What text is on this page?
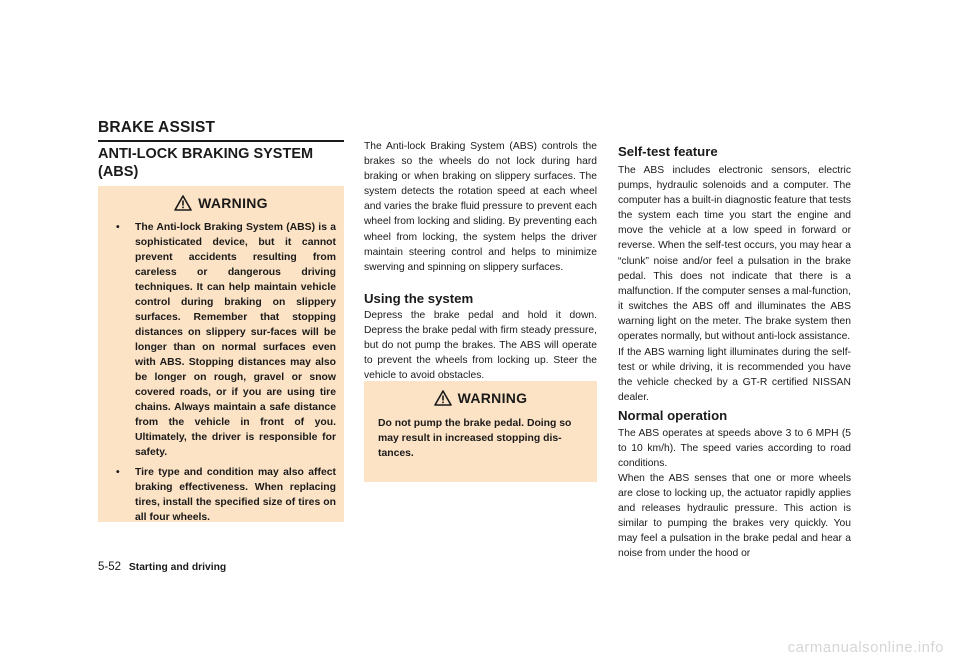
BRAKE ASSIST
ANTI-LOCK BRAKING SYSTEM (ABS)
WARNING
• The Anti-lock Braking System (ABS) is a sophisticated device, but it cannot prevent accidents resulting from careless or dangerous driving techniques. It can help maintain vehicle control during braking on slippery surfaces. Remember that stopping distances on slippery sur-faces will be longer than on normal surfaces even with ABS. Stopping distances may also be longer on rough, gravel or snow covered roads, or if you are using tire chains. Always maintain a safe distance from the vehicle in front of you. Ultimately, the driver is responsible for safety.
• Tire type and condition may also affect braking effectiveness. When replacing tires, install the specified size of tires on all four wheels.

The Anti-lock Braking System (ABS) controls the brakes so the wheels do not lock during hard braking or when braking on slippery surfaces. The system detects the rotation speed at each wheel and varies the brake fluid pressure to prevent each wheel from locking and sliding. By preventing each wheel from locking, the system helps the driver maintain steering control and helps to minimize swerving and spinning on slippery surfaces.

Using the system

Depress the brake pedal and hold it down. Depress the brake pedal with firm steady pressure, but do not pump the brakes. The ABS will operate to prevent the wheels from locking up. Steer the vehicle to avoid obstacles.

WARNING
Do not pump the brake pedal. Doing so may result in increased stopping dis-tances.
Self-test feature

The ABS includes electronic sensors, electric pumps, hydraulic solenoids and a computer. The computer has a built-in diagnostic feature that tests the system each time you start the engine and move the vehicle at a low speed in forward or reverse. When the self-test occurs, you may hear a “clunk” noise and/or feel a pulsation in the brake pedal. This does not indicate that there is a malfunction. If the computer senses a mal-function, it switches the ABS off and illuminates the ABS warning light on the meter. The brake system then operates normally, but without anti-lock assistance.

If the ABS warning light illuminates during the self-test or while driving, it is recommended you have the vehicle checked by a GT-R certified NISSAN dealer.

Normal operation

The ABS operates at speeds above 3 to 6 MPH (5 to 10 km/h). The speed varies according to road conditions.

When the ABS senses that one or more wheels are close to locking up, the actuator rapidly applies and releases hydraulic pressure. This action is similar to pumping the brakes very quickly. You may feel a pulsation in the brake pedal and hear a noise from under the hood or

5-52 Starting and driving
carmanualsonline.info
